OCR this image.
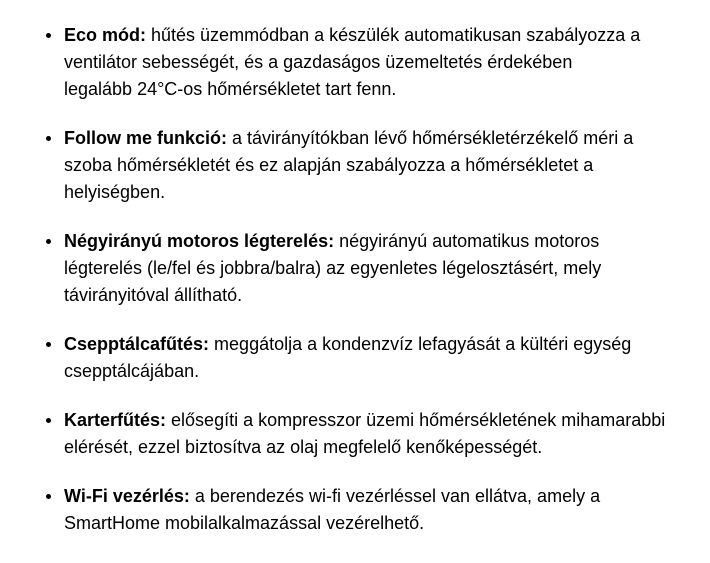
Eco mód: hűtés üzemmódban a készülék automatikusan szabályozza a
ventilátor sebességét, és a gazdaságos üzemeltetés érdekében
legalább 24°C-os hőmérsékletet tart fenn.
Follow me funkció: a távirányítókban lévő hőmérsékletérzékelő méri a
szoba hőmérsékletét és ez alapján szabályozza a hőmérsékletet a
helyiségben.
Négyirányú motoros légterelés: négyirányú automatikus motoros
légterelés (le/fel és jobbra/balra) az egyenletes légelosztásért, mely
távirányitóval állítható.
Csepptálcafűtés: meggátolja a kondenzvíz lefagyását a kültéri egység
csepptálcájában.
Karterfűtés: elősegíti a kompresszor üzemi hőmérsékletének mihamarabbi
elérését, ezzel biztosítva az olaj megfelelő kenőképességét.
Wi-Fi vezérlés: a berendezés wi-fi vezérléssel van ellátva, amely a
SmartHome mobilalkalmazással vezérelhető.
